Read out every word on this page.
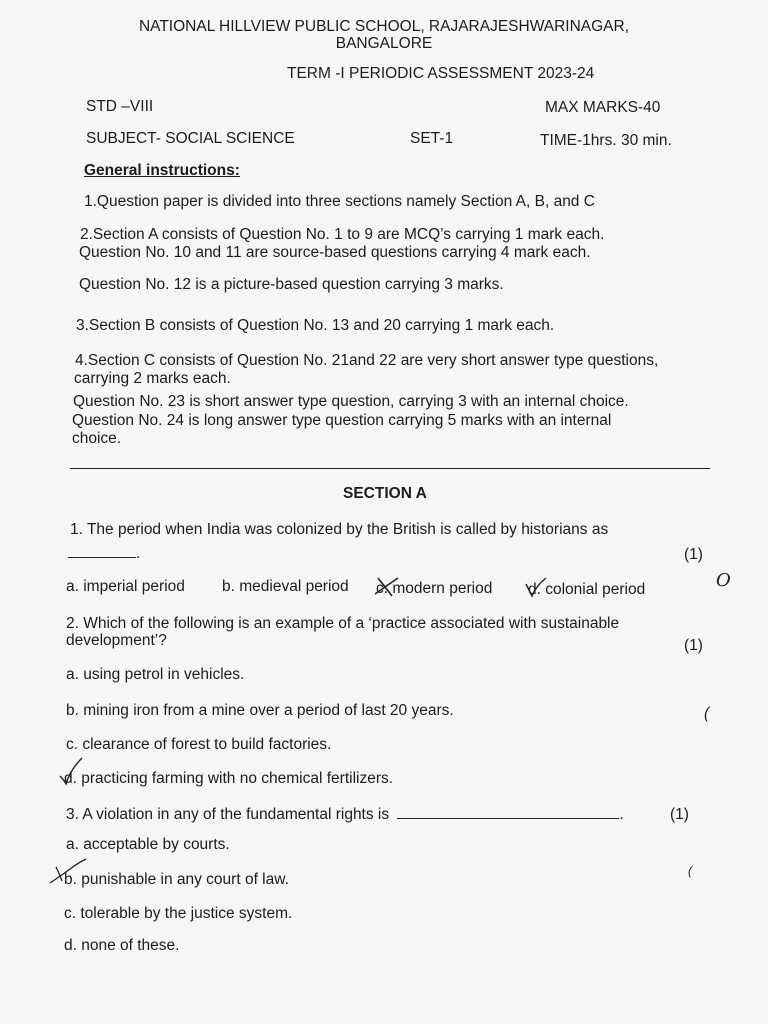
NATIONAL HILLVIEW PUBLIC SCHOOL, RAJARAJESHWARINAGAR,
BANGALORE
TERM -I PERIODIC ASSESSMENT 2023-24
STD –VIII	MAX MARKS-40
SUBJECT- SOCIAL SCIENCE	SET-1	TIME-1hrs. 30 min.
General instructions:
1.Question paper is divided into three sections namely Section A, B, and C
2.Section A consists of Question No. 1 to 9 are MCQ’s carrying 1 mark each.
Question No. 10 and 11 are source-based questions carrying 4 mark each.
Question No. 12 is a picture-based question carrying 3 marks.
3.Section B consists of Question No. 13 and 20 carrying 1 mark each.
4.Section C consists of Question No. 21and 22 are very short answer type questions,
carrying 2 marks each.
Question No. 23 is short answer type question, carrying 3 with an internal choice.
Question No. 24 is long answer type question carrying 5 marks with an internal
choice.
SECTION A
1. The period when India was colonized by the British is called by historians as
.	(1)
a. imperial period b. medieval period c. modern period d. colonial period	O
2. Which of the following is an example of a ‘practice associated with sustainable
development’?	(1)
a. using petrol in vehicles.
b. mining iron from a mine over a period of last 20 years.
c. clearance of forest to build factories.
d. practicing farming with no chemical fertilizers.
(
3. A violation in any of the fundamental rights is	.	(1)
a. acceptable by courts.
b. punishable in any court of law.
c. tolerable by the justice system.
d. none of these.
(
